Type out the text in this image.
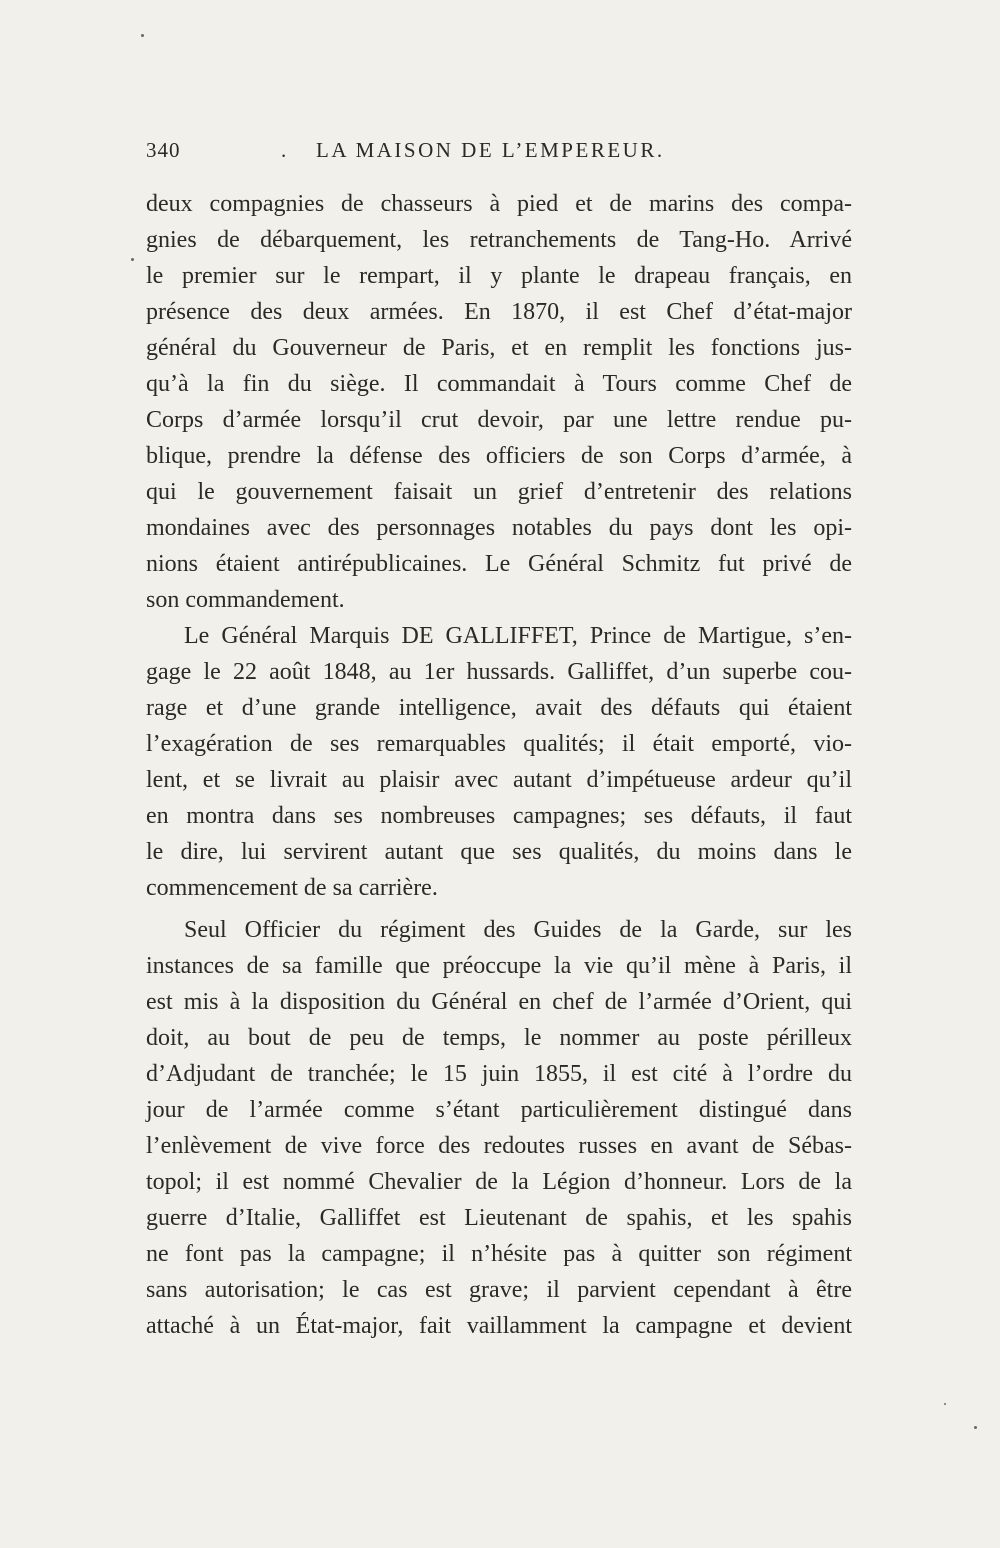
340	. LA MAISON DE L’EMPEREUR.
deux compagnies de chasseurs à pied et de marins des compa-
gnies de débarquement, les retranchements de Tang-Ho. Arrivé
le premier sur le rempart, il y plante le drapeau français, en
présence des deux armées. En 1870, il est Chef d’état-major
général du Gouverneur de Paris, et en remplit les fonctions jus-
qu’à la fin du siège. Il commandait à Tours comme Chef de
Corps d’armée lorsqu’il crut devoir, par une lettre rendue pu-
blique, prendre la défense des officiers de son Corps d’armée, à
qui le gouvernement faisait un grief d’entretenir des relations
mondaines avec des personnages notables du pays dont les opi-
nions étaient antirépublicaines. Le Général Schmitz fut privé de
son commandement.
Le Général Marquis DE GALLIFFET, Prince de Martigue, s’en-
gage le 22 août 1848, au 1er hussards. Galliffet, d’un superbe cou-
rage et d’une grande intelligence, avait des défauts qui étaient
l’exagération de ses remarquables qualités; il était emporté, vio-
lent, et se livrait au plaisir avec autant d’impétueuse ardeur qu’il
en montra dans ses nombreuses campagnes; ses défauts, il faut
le dire, lui servirent autant que ses qualités, du moins dans le
commencement de sa carrière.
Seul Officier du régiment des Guides de la Garde, sur les
instances de sa famille que préoccupe la vie qu’il mène à Paris, il
est mis à la disposition du Général en chef de l’armée d’Orient, qui
doit, au bout de peu de temps, le nommer au poste périlleux
d’Adjudant de tranchée; le 15 juin 1855, il est cité à l’ordre du
jour de l’armée comme s’étant particulièrement distingué dans
l’enlèvement de vive force des redoutes russes en avant de Sébas-
topol; il est nommé Chevalier de la Légion d’honneur. Lors de la
guerre d’Italie, Galliffet est Lieutenant de spahis, et les spahis
ne font pas la campagne; il n’hésite pas à quitter son régiment
sans autorisation; le cas est grave; il parvient cependant à être
attaché à un État-major, fait vaillamment la campagne et devient
